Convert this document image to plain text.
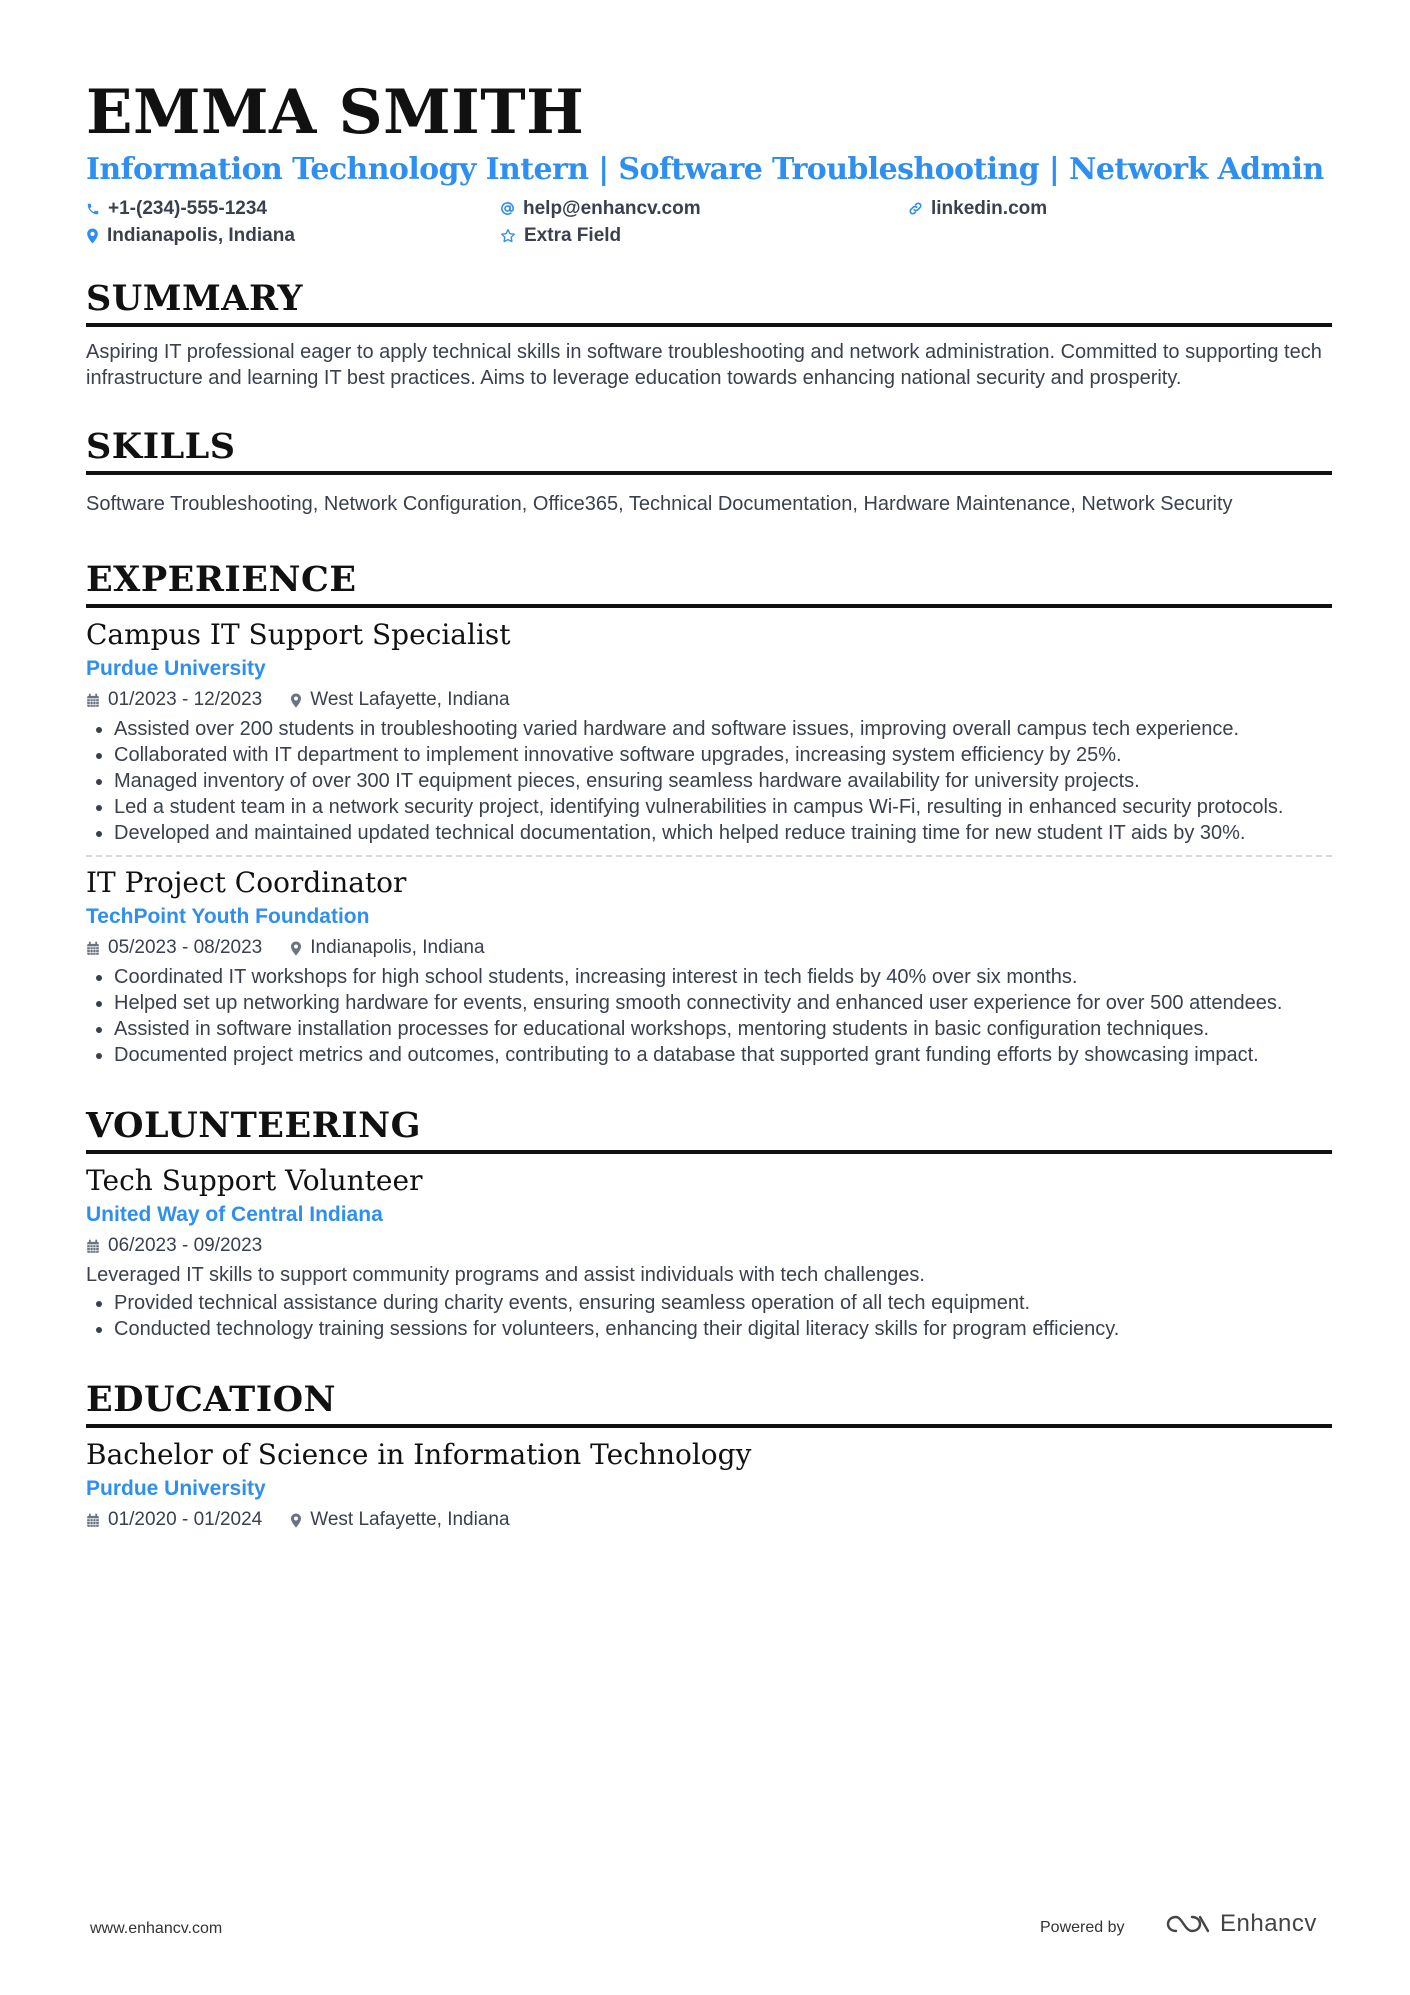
EMMA SMITH
Information Technology Intern | Software Troubleshooting | Network Admin
+1-(234)-555-1234	help@enhancv.com	linkedin.com
Indianapolis, Indiana	Extra Field
SUMMARY
Aspiring IT professional eager to apply technical skills in software troubleshooting and network administration. Committed to supporting tech infrastructure and learning IT best practices. Aims to leverage education towards enhancing national security and prosperity.
SKILLS
Software Troubleshooting, Network Configuration, Office365, Technical Documentation, Hardware Maintenance, Network Security
EXPERIENCE
Campus IT Support Specialist
Purdue University
01/2023 - 12/2023	West Lafayette, Indiana
Assisted over 200 students in troubleshooting varied hardware and software issues, improving overall campus tech experience.
Collaborated with IT department to implement innovative software upgrades, increasing system efficiency by 25%.
Managed inventory of over 300 IT equipment pieces, ensuring seamless hardware availability for university projects.
Led a student team in a network security project, identifying vulnerabilities in campus Wi-Fi, resulting in enhanced security protocols.
Developed and maintained updated technical documentation, which helped reduce training time for new student IT aids by 30%.
IT Project Coordinator
TechPoint Youth Foundation
05/2023 - 08/2023	Indianapolis, Indiana
Coordinated IT workshops for high school students, increasing interest in tech fields by 40% over six months.
Helped set up networking hardware for events, ensuring smooth connectivity and enhanced user experience for over 500 attendees.
Assisted in software installation processes for educational workshops, mentoring students in basic configuration techniques.
Documented project metrics and outcomes, contributing to a database that supported grant funding efforts by showcasing impact.
VOLUNTEERING
Tech Support Volunteer
United Way of Central Indiana
06/2023 - 09/2023
Leveraged IT skills to support community programs and assist individuals with tech challenges.
Provided technical assistance during charity events, ensuring seamless operation of all tech equipment.
Conducted technology training sessions for volunteers, enhancing their digital literacy skills for program efficiency.
EDUCATION
Bachelor of Science in Information Technology
Purdue University
01/2020 - 01/2024	West Lafayette, Indiana
www.enhancv.com	Powered by	Enhancv
